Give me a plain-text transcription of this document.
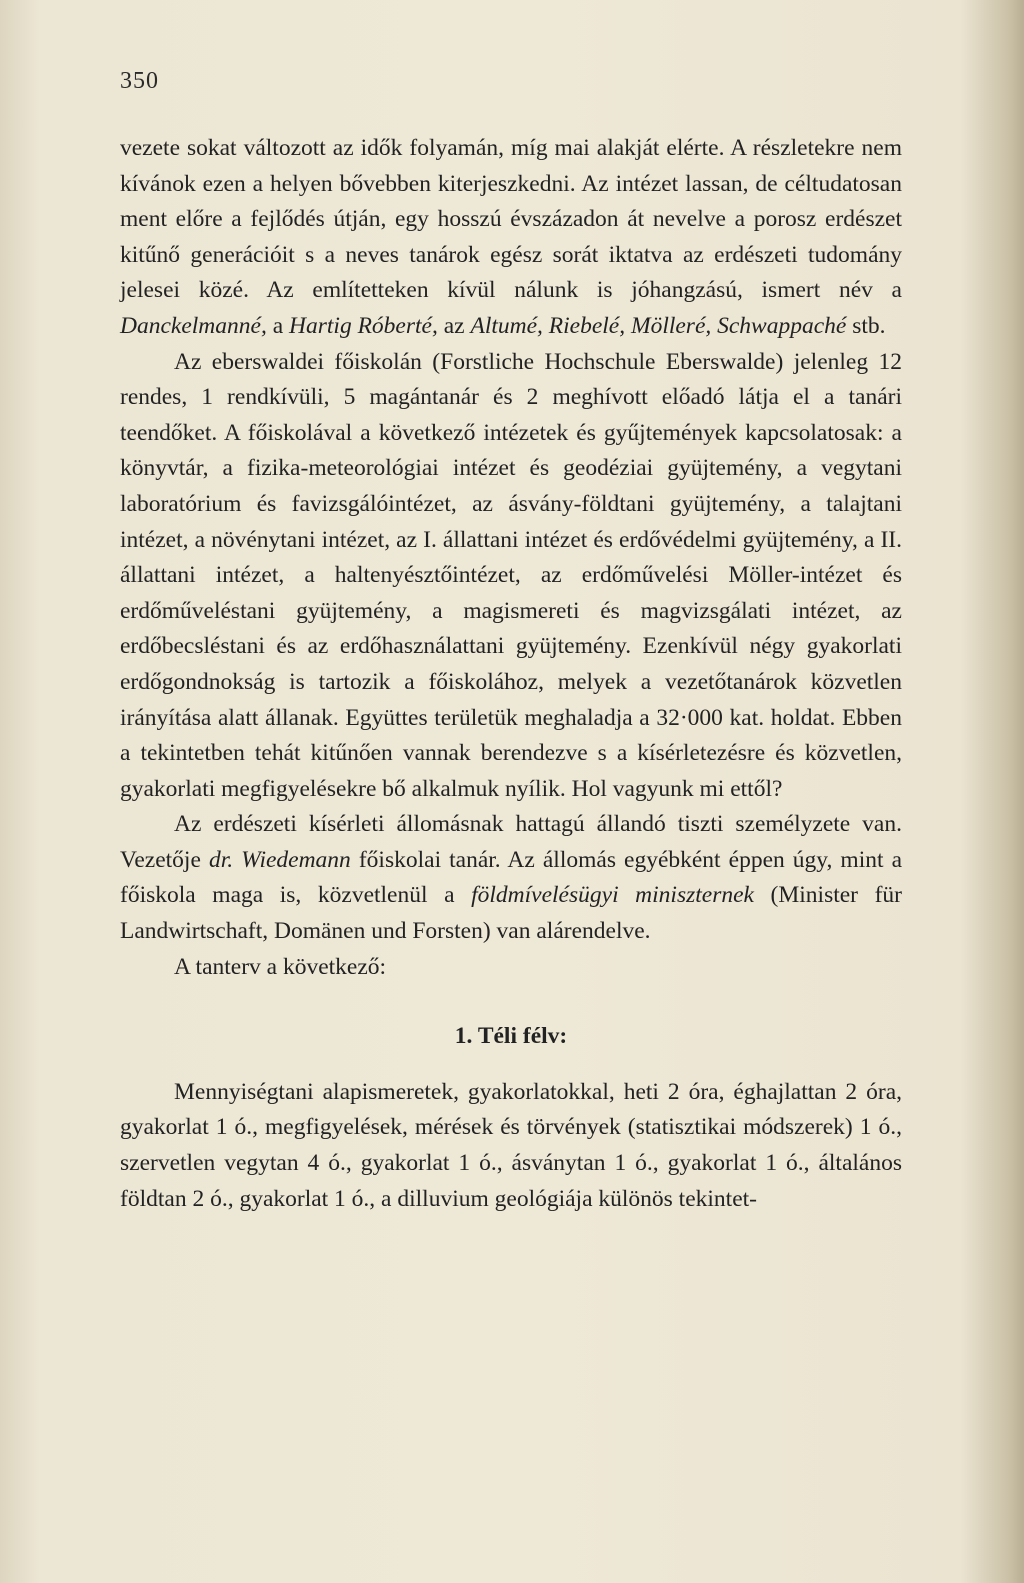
350

vezete sokat változott az idők folyamán, míg mai alakját elérte. A részletekre nem kívánok ezen a helyen bővebben kiterjeszkedni. Az intézet lassan, de céltudatosan ment előre a fejlődés útján, egy hosszú évszázadon át nevelve a porosz erdészet kitűnő generációit s a neves tanárok egész sorát iktatva az erdészeti tudomány jelesei közé. Az említetteken kívül nálunk is jóhangzású, ismert név a Danckelmanné, a Hartig Róberté, az Altumé, Riebelé, Mölleré, Schwappaché stb.

Az eberswaldei főiskolán (Forstliche Hochschule Eberswalde) jelenleg 12 rendes, 1 rendkívüli, 5 magántanár és 2 meghívott előadó látja el a tanári teendőket. A főiskolával a következő intézetek és gyűjtemények kapcsolatosak: a könyvtár, a fizika-meteorológiai intézet és geodéziai gyüjtemény, a vegytani laboratórium és favizsgálóintézet, az ásvány-földtani gyüjtemény, a talajtani intézet, a növénytani intézet, az I. állattani intézet és erdővédelmi gyüjtemény, a II. állattani intézet, a haltenyésztőintézet, az erdőművelési Möller-intézet és erdőműveléstani gyüjtemény, a magismereti és magvizsgálati intézet, az erdőbecsléstani és az erdőhasználattani gyüjtemény. Ezenkívül négy gyakorlati erdőgondnokság is tartozik a főiskolához, melyek a vezetőtanárok közvetlen irányítása alatt állanak. Együttes területük meghaladja a 32·000 kat. holdat. Ebben a tekintetben tehát kitűnően vannak berendezve s a kísérletezésre és közvetlen, gyakorlati megfigyelésekre bő alkalmuk nyílik. Hol vagyunk mi ettől?

Az erdészeti kísérleti állomásnak hattagú állandó tiszti személyzete van. Vezetője dr. Wiedemann főiskolai tanár. Az állomás egyébként éppen úgy, mint a főiskola maga is, közvetlenül a földmívelésügyi miniszternek (Minister für Landwirtschaft, Domänen und Forsten) van alárendelve.

A tanterv a következő:

1. Téli félv:

Mennyiségtani alapismeretek, gyakorlatokkal, heti 2 óra, éghajlattan 2 óra, gyakorlat 1 ó., megfigyelések, mérések és törvények (statisztikai módszerek) 1 ó., szervetlen vegytan 4 ó., gyakorlat 1 ó., ásványtan 1 ó., gyakorlat 1 ó., általános földtan 2 ó., gyakorlat 1 ó., a dilluvium geológiája különös tekintet-
